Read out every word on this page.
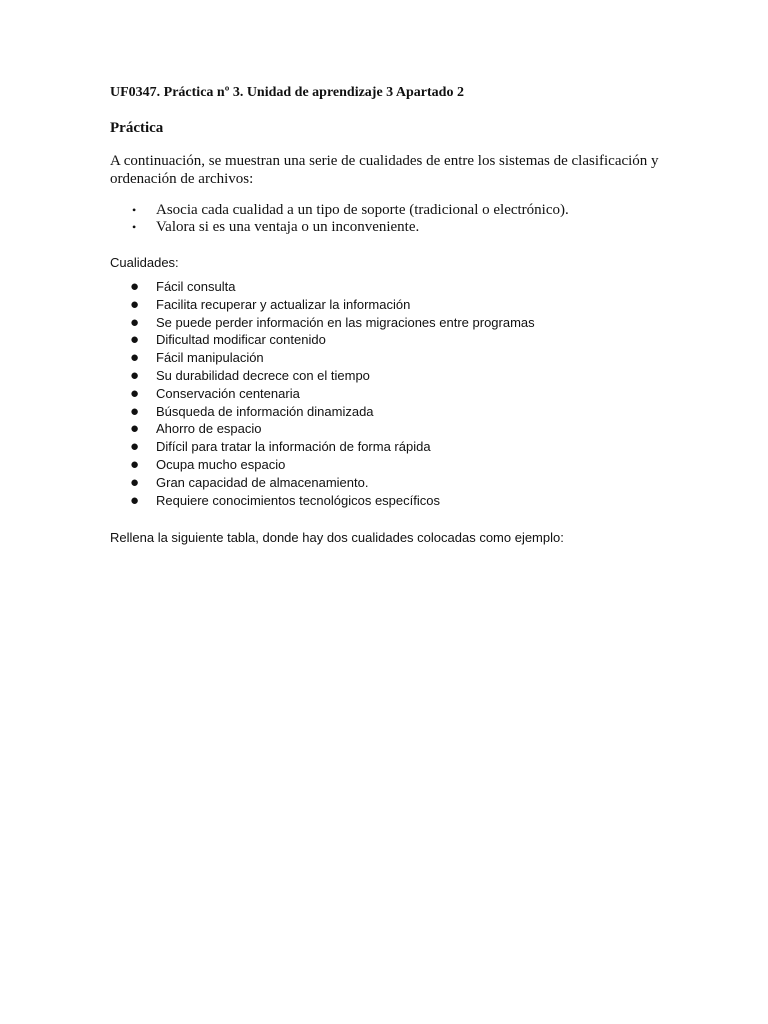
UF0347. Práctica nº 3. Unidad de aprendizaje 3 Apartado 2

Práctica

A continuación, se muestran una serie de cualidades de entre los sistemas de clasificación y ordenación de archivos:

• Asocia cada cualidad a un tipo de soporte (tradicional o electrónico).
• Valora si es una ventaja o un inconveniente.

Cualidades:

● Fácil consulta
● Facilita recuperar y actualizar la información
● Se puede perder información en las migraciones entre programas
● Dificultad modificar contenido
● Fácil manipulación
● Su durabilidad decrece con el tiempo
● Conservación centenaria
● Búsqueda de información dinamizada
● Ahorro de espacio
● Difícil para tratar la información de forma rápida
● Ocupa mucho espacio
● Gran capacidad de almacenamiento.
● Requiere conocimientos tecnológicos específicos

Rellena la siguiente tabla, donde hay dos cualidades colocadas como ejemplo:
